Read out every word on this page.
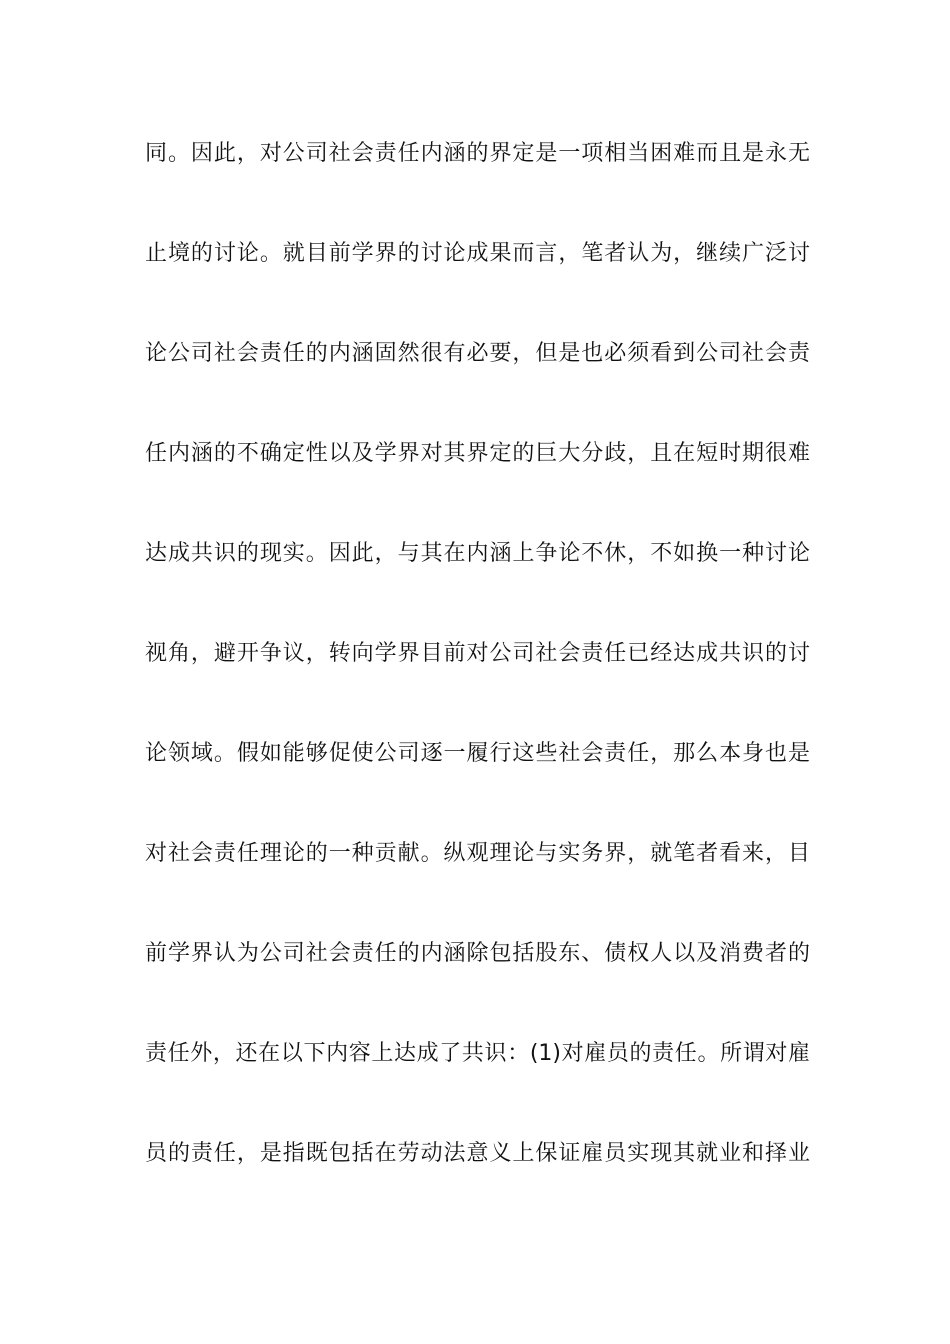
同。因此，对公司社会责任内涵的界定是一项相当困难而且是永无
止境的讨论。就目前学界的讨论成果而言，笔者认为，继续广泛讨
论公司社会责任的内涵固然很有必要，但是也必须看到公司社会责
任内涵的不确定性以及学界对其界定的巨大分歧，且在短时期很难
达成共识的现实。因此，与其在内涵上争论不休，不如换一种讨论
视角，避开争议，转向学界目前对公司社会责任已经达成共识的讨
论领域。假如能够促使公司逐一履行这些社会责任，那么本身也是
对社会责任理论的一种贡献。纵观理论与实务界，就笔者看来，目
前学界认为公司社会责任的内涵除包括股东、债权人以及消费者的
责任外，还在以下内容上达成了共识：(1)对雇员的责任。所谓对雇
员的责任，是指既包括在劳动法意义上保证雇员实现其就业和择业
